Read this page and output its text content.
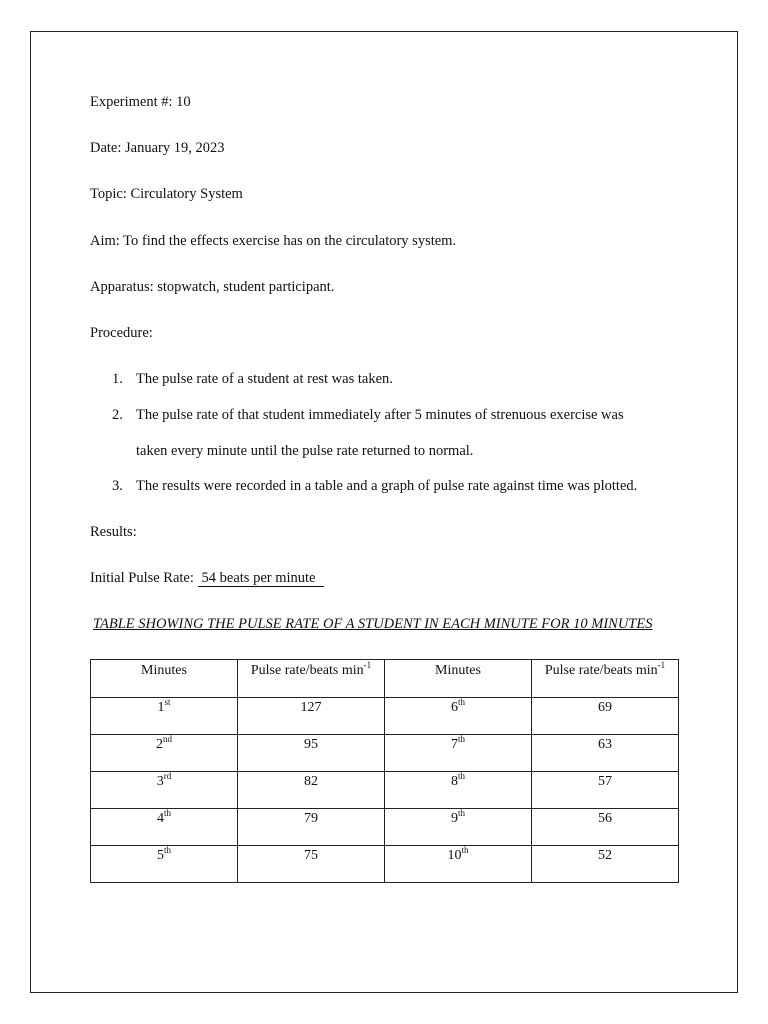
Experiment #: 10
Date: January 19, 2023
Topic: Circulatory System
Aim: To find the effects exercise has on the circulatory system.
Apparatus: stopwatch, student participant.
Procedure:
1. The pulse rate of a student at rest was taken.
2. The pulse rate of that student immediately after 5 minutes of strenuous exercise was
taken every minute until the pulse rate returned to normal.
3. The results were recorded in a table and a graph of pulse rate against time was plotted.
Results:
Initial Pulse Rate: 54 beats per minute
TABLE SHOWING THE PULSE RATE OF A STUDENT IN EACH MINUTE FOR 10 MINUTES
Minutes	Pulse rate/beats $\min^{-1}$	Minutes	Pulse rate/beats $\min^{-1}$
1st	127	6th	69
2nd	95	7th	63
3rd	82	8th	57
4th	79	9th	56
5th	75	10th	52
